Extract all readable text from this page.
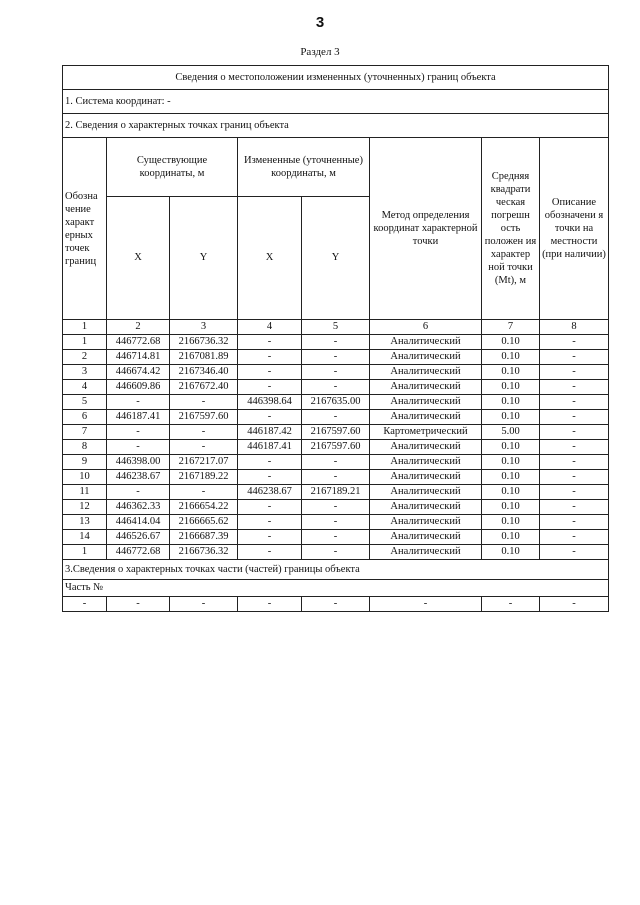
3
Раздел 3
Сведения о местоположении измененных (уточненных) границ объекта							
1. Система координат: -							
2. Сведения о характерных точках границ объекта							
Обозна чение характ ерных точек границ	Существующие координаты, м		Измененные (уточненные) координаты, м		Метод определения координат характерной точки	Средняя квадрати ческая погрешн ость положен ия характер ной точки (Mt), м	Описание обозначени я точки на местности (при наличии)
	X	Y	X	Y			
1	2	3	4	5	6	7	8
1	446772.68	2166736.32	-	-	Аналитический	0.10	-
2	446714.81	2167081.89	-	-	Аналитический	0.10	-
3	446674.42	2167346.40	-	-	Аналитический	0.10	-
4	446609.86	2167672.40	-	-	Аналитический	0.10	-
5	-	-	446398.64	2167635.00	Аналитический	0.10	-
6	446187.41	2167597.60	-	-	Аналитический	0.10	-
7	-	-	446187.42	2167597.60	Картометрический	5.00	-
8	-	-	446187.41	2167597.60	Аналитический	0.10	-
9	446398.00	2167217.07	-	-	Аналитический	0.10	-
10	446238.67	2167189.22	-	-	Аналитический	0.10	-
11	-	-	446238.67	2167189.21	Аналитический	0.10	-
12	446362.33	2166654.22	-	-	Аналитический	0.10	-
13	446414.04	2166665.62	-	-	Аналитический	0.10	-
14	446526.67	2166687.39	-	-	Аналитический	0.10	-
1	446772.68	2166736.32	-	-	Аналитический	0.10	-
3.Сведения о характерных точках части (частей) границы объекта							
Часть №							
-	-	-	-	-	-	-	-
